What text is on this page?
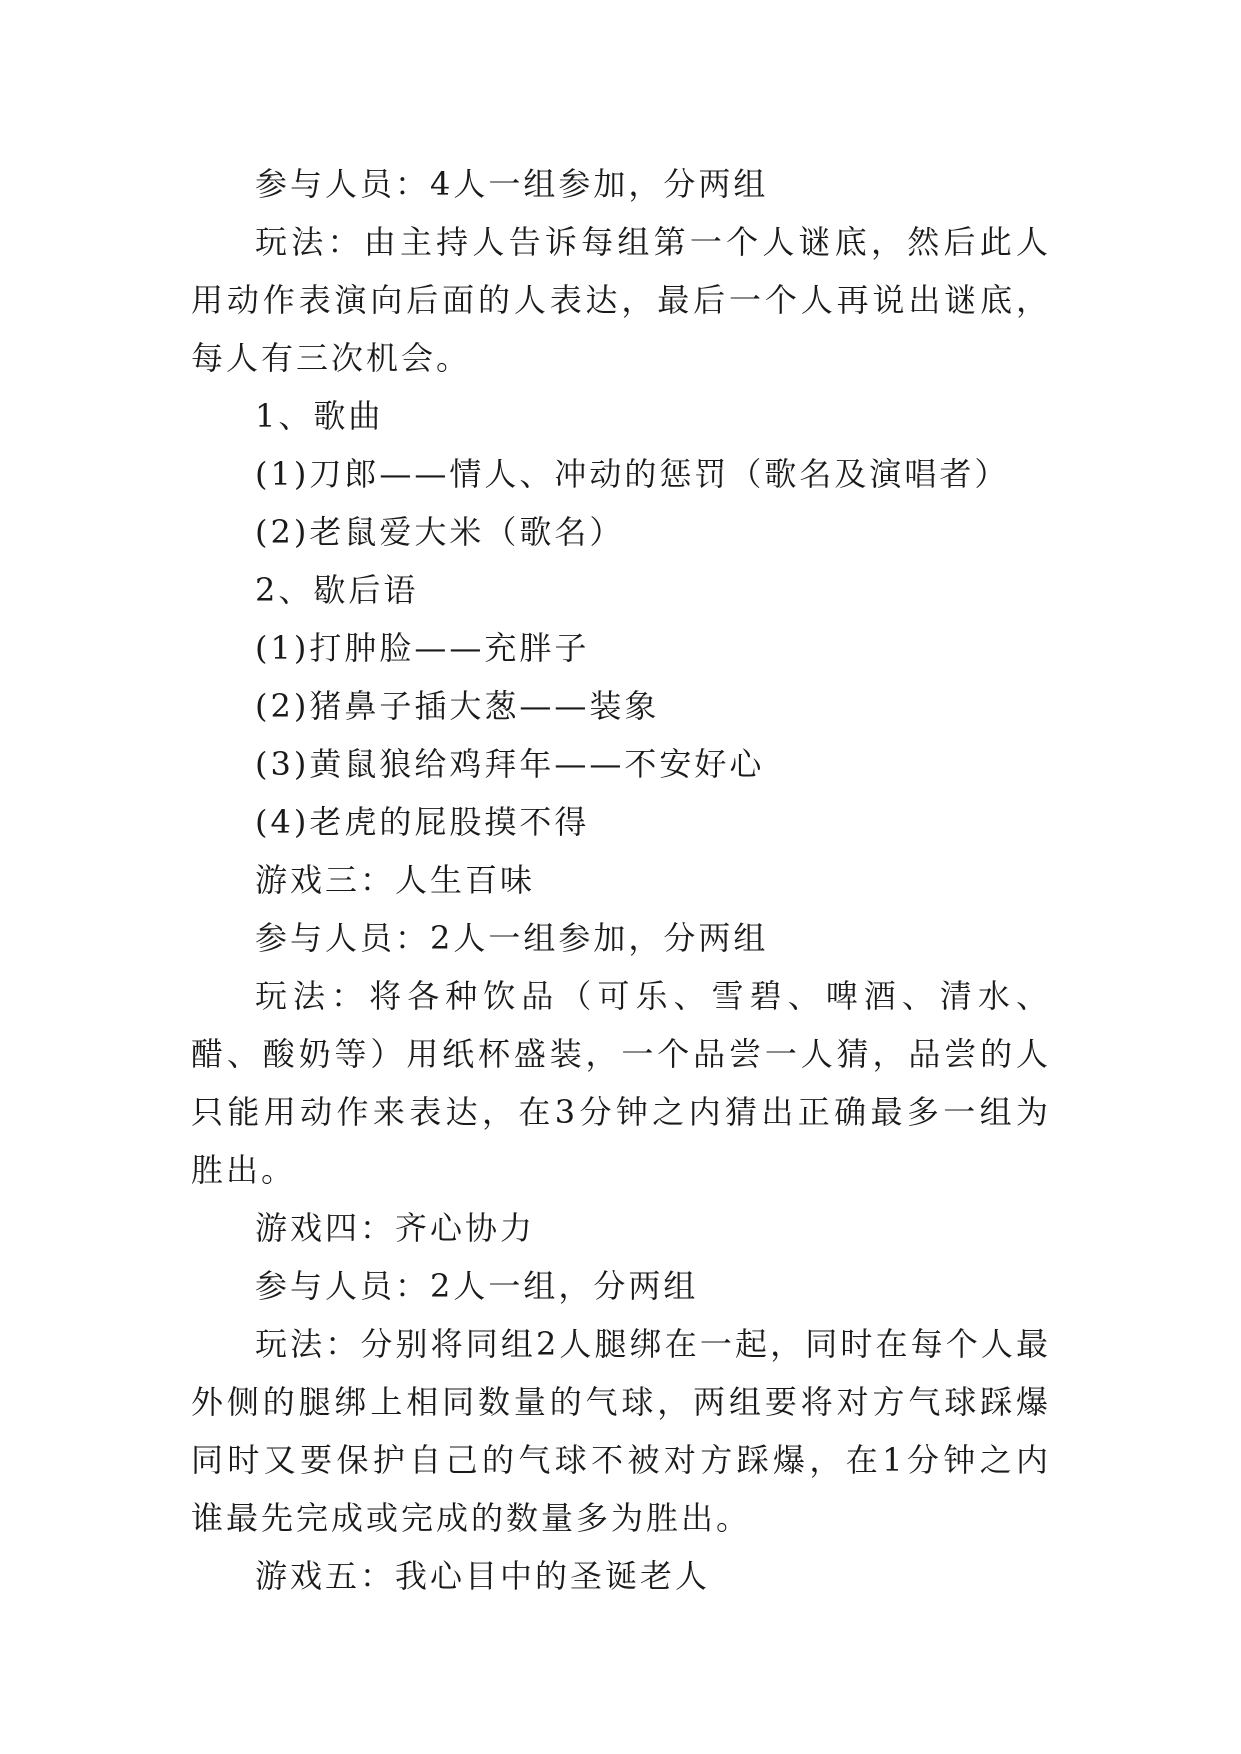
参与人员：4人一组参加，分两组

玩法：由主持人告诉每组第一个人谜底，然后此人用动作表演向后面的人表达，最后一个人再说出谜底，每人有三次机会。

1、歌曲

(1)刀郎——情人、冲动的惩罚（歌名及演唱者）

(2)老鼠爱大米（歌名）

2、歇后语

(1)打肿脸——充胖子

(2)猪鼻子插大葱——装象

(3)黄鼠狼给鸡拜年——不安好心

(4)老虎的屁股摸不得

游戏三：人生百味

参与人员：2人一组参加，分两组

玩法：将各种饮品（可乐、雪碧、啤酒、清水、醋、酸奶等）用纸杯盛装，一个品尝一人猜，品尝的人只能用动作来表达，在3分钟之内猜出正确最多一组为胜出。

游戏四：齐心协力

参与人员：2人一组，分两组

玩法：分别将同组2人腿绑在一起，同时在每个人最外侧的腿绑上相同数量的气球，两组要将对方气球踩爆同时又要保护自己的气球不被对方踩爆，在1分钟之内谁最先完成或完成的数量多为胜出。

游戏五：我心目中的圣诞老人
